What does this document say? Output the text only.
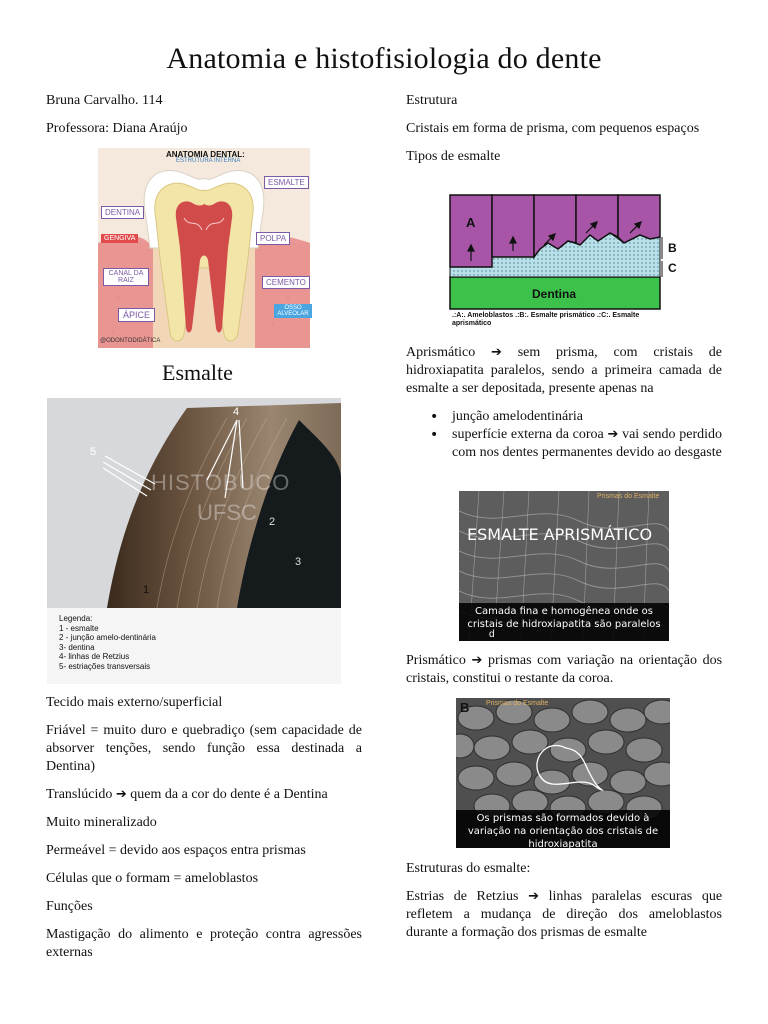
Anatomia e histofisiologia do dente

Bruna Carvalho. 114

Professora: Diana Araújo

ANATOMIA DENTAL:
ESTRUTURA INTERNA
ESMALTE
DENTINA
POLPA
GENGIVA
CANAL DA RAIZ	CEMENTO
ÁPICE
OSSO ALVEOLAR
@ODONTODIDÁTICA
Esmalte
HISTOBUCO
UFSC
1
2
3
4
5
Legenda:
1 - esmalte
2 - junção amelo-dentinária
3- dentina
4- linhas de Retzius
5- estriações transversais

Tecido mais externo/superficial

Friável = muito duro e quebradiço (sem capacidade de absorver tenções, sendo função essa destinada a Dentina)

Translúcido ➔ quem da a cor do dente é a Dentina

Muito mineralizado

Permeável = devido aos espaços entra prismas

Células que o formam = ameloblastos

Funções

Mastigação do alimento e proteção contra agressões externas

Estrutura

Cristais em forma de prisma, com pequenos espaços

Tipos de esmalte

A
B
C
Dentina
.:A:. Ameloblastos .:B:. Esmalte prismático .:C:. Esmalte aprismático

Aprismático ➔ sem prisma, com cristais de hidroxiapatita paralelos, sendo a primeira camada de esmalte a ser depositada, presente apenas na

• junção amelodentinária
• superfície externa da coroa ➔ vai sendo perdido com nos dentes permanentes devido ao desgaste
Prismas do Esmalte
ESMALTE APRISMÁTICO
Camada fina e homogênea onde os cristais de hidroxiapatita são paralelos
d

Prismático ➔ prismas com variação na orientação dos cristais, constitui o restante da coroa.

Prismas do Esmalte
B
Os prismas são formados devido à variação na orientação dos cristais de hidroxiapatita

Estruturas do esmalte:

Estrias de Retzius ➔ linhas paralelas escuras que refletem a mudança de direção dos ameloblastos durante a formação dos prismas de esmalte
